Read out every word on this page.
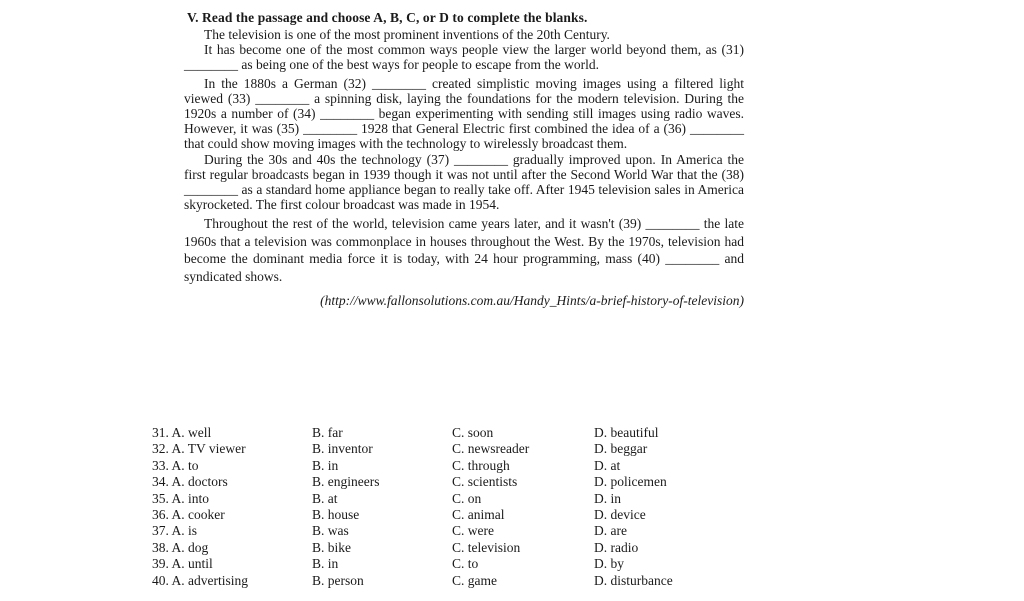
V. Read the passage and choose A, B, C, or D to complete the blanks.

The television is one of the most prominent inventions of the 20th Century.

It has become one of the most common ways people view the larger world beyond them, as (31) ________ as being one of the best ways for people to escape from the world.

In the 1880s a German (32) ________ created simplistic moving images using a filtered light viewed (33) ________ a spinning disk, laying the foundations for the modern television. During the 1920s a number of (34) ________ began experimenting with sending still images using radio waves. However, it was (35) ________ 1928 that General Electric first combined the idea of a (36) ________ that could show moving images with the technology to wirelessly broadcast them.

During the 30s and 40s the technology (37) ________ gradually improved upon. In America the first regular broadcasts began in 1939 though it was not until after the Second World War that the (38) ________ as a standard home appliance began to really take off. After 1945 television sales in America skyrocketed. The first colour broadcast was made in 1954.

Throughout the rest of the world, television came years later, and it wasn't (39) ________ the late 1960s that a television was commonplace in houses throughout the West. By the 1970s, television had become the dominant media force it is today, with 24 hour programming, mass (40) ________ and syndicated shows.

(http://www.fallonsolutions.com.au/Handy_Hints/a-brief-history-of-television)
31. A. well	B. far	C. soon	D. beautiful
32. A. TV viewer	B. inventor	C. newsreader	D. beggar
33. A. to	B. in	C. through	D. at
34. A. doctors	B. engineers	C. scientists	D. policemen
35. A. into	B. at	C. on	D. in
36. A. cooker	B. house	C. animal	D. device
37. A. is	B. was	C. were	D. are
38. A. dog	B. bike	C. television	D. radio
39. A. until	B. in	C. to	D. by
40. A. advertising	B. person	C. game	D. disturbance
